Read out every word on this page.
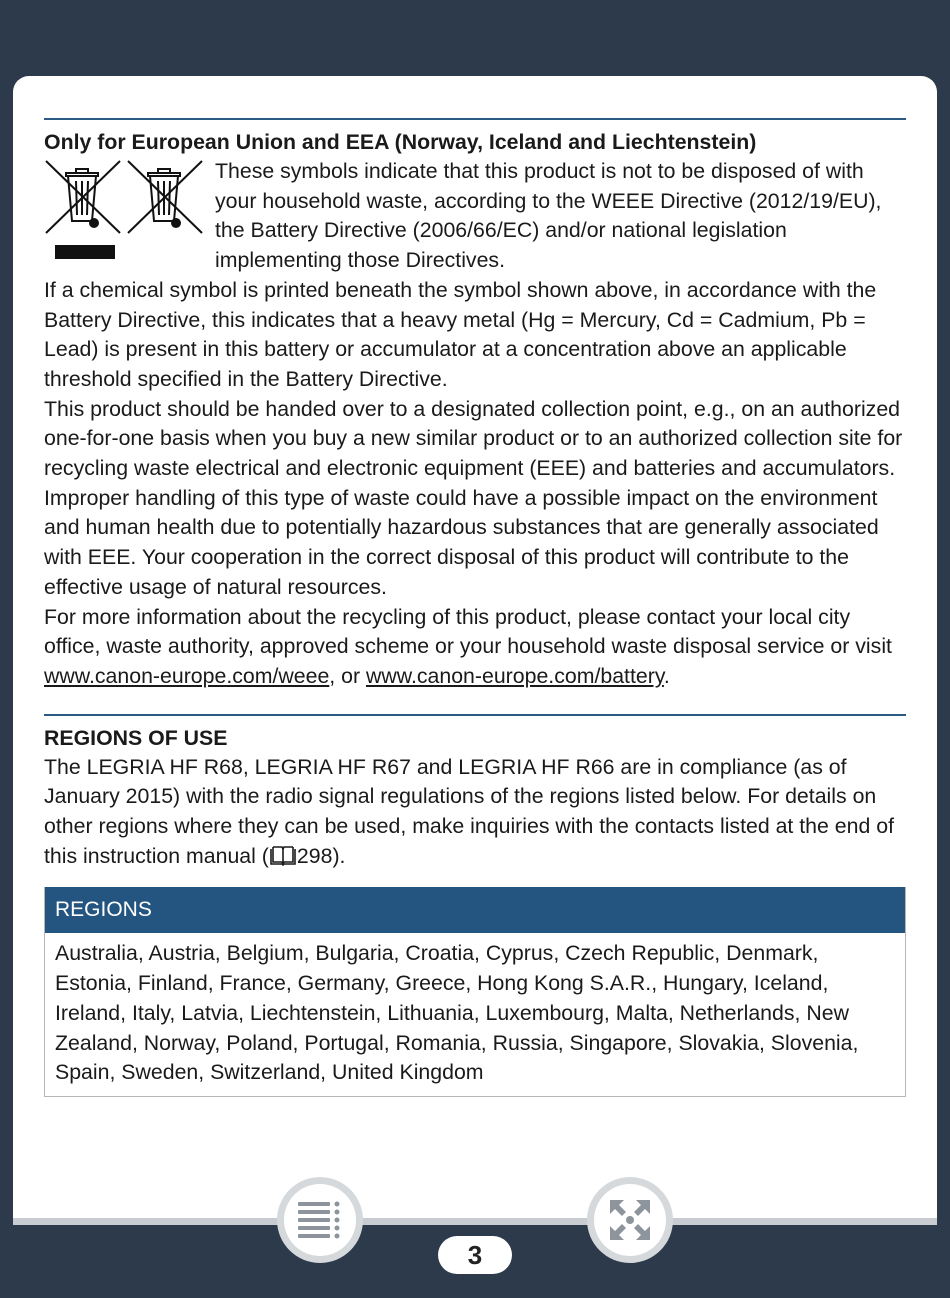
Only for European Union and EEA (Norway, Iceland and Liechtenstein)

These symbols indicate that this product is not to be disposed of with your household waste, according to the WEEE Directive (2012/19/EU), the Battery Directive (2006/66/EC) and/or national legislation implementing those Directives.

If a chemical symbol is printed beneath the symbol shown above, in accordance with the Battery Directive, this indicates that a heavy metal (Hg = Mercury, Cd = Cadmium, Pb = Lead) is present in this battery or accumulator at a concentration above an applicable threshold specified in the Battery Directive.

This product should be handed over to a designated collection point, e.g., on an authorized one-for-one basis when you buy a new similar product or to an authorized collection site for recycling waste electrical and electronic equipment (EEE) and batteries and accumulators. Improper handling of this type of waste could have a possible impact on the environment and human health due to potentially hazardous substances that are generally associated with EEE. Your cooperation in the correct disposal of this product will contribute to the effective usage of natural resources.

For more information about the recycling of this product, please contact your local city office, waste authority, approved scheme or your household waste disposal service or visit www.canon-europe.com/weee, or www.canon-europe.com/battery.

REGIONS OF USE

The LEGRIA HF R68, LEGRIA HF R67 and LEGRIA HF R66 are in compliance (as of January 2015) with the radio signal regulations of the regions listed below. For details on other regions where they can be used, make inquiries with the contacts listed at the end of this instruction manual ( 298).

REGIONS
Australia, Austria, Belgium, Bulgaria, Croatia, Cyprus, Czech Republic, Denmark, Estonia, Finland, France, Germany, Greece, Hong Kong S.A.R., Hungary, Iceland, Ireland, Italy, Latvia, Liechtenstein, Lithuania, Luxembourg, Malta, Netherlands, New Zealand, Norway, Poland, Portugal, Romania, Russia, Singapore, Slovakia, Slovenia, Spain, Sweden, Switzerland, United Kingdom
3
